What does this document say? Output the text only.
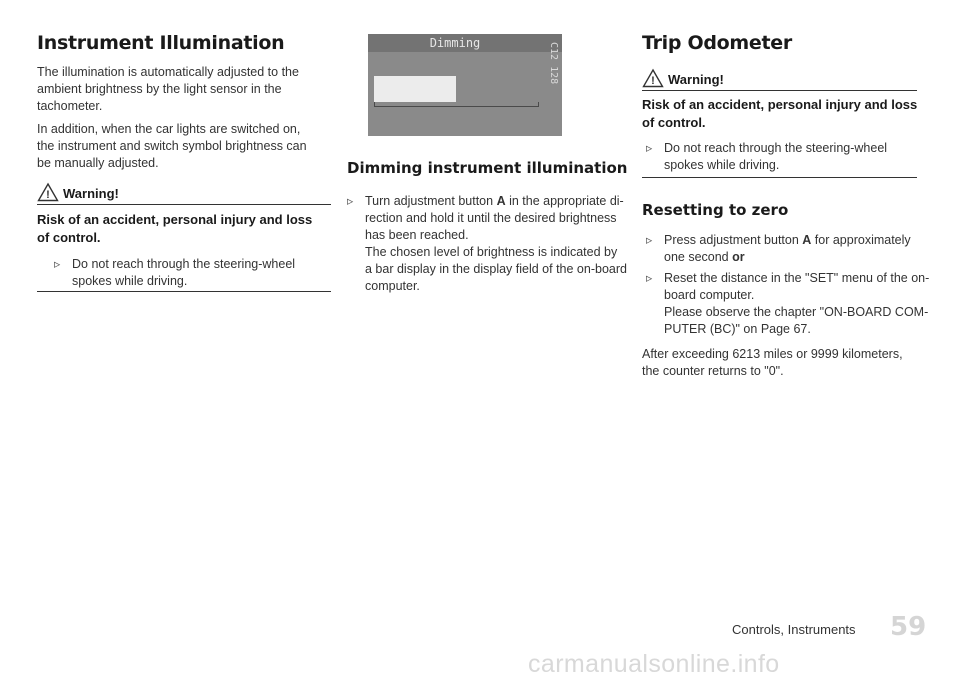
Instrument Illumination
The illumination is automatically adjusted to the
ambient brightness by the light sensor in the
tachometer.
In addition, when the car lights are switched on,
the instrument and switch symbol brightness can
be manually adjusted.
! Warning!
Risk of an accident, personal injury and loss
of control.
▹ Do not reach through the steering-wheel
spokes while driving.
Dimming	C12 128
Dimming instrument illumination
▹ Turn adjustment button A in the appropriate di-
rection and hold it until the desired brightness
has been reached.
The chosen level of brightness is indicated by
a bar display in the display field of the on-board
computer.
Trip Odometer
! Warning!
Risk of an accident, personal injury and loss
of control.
▹ Do not reach through the steering-wheel
spokes while driving.
Resetting to zero
▹ Press adjustment button A for approximately
one second or
▹ Reset the distance in the "SET" menu of the on-
board computer.
Please observe the chapter "ON-BOARD COM-
PUTER (BC)" on Page 67.
After exceeding 6213 miles or 9999 kilometers,
the counter returns to "0".
Controls, Instruments 59
carmanualsonline.info
